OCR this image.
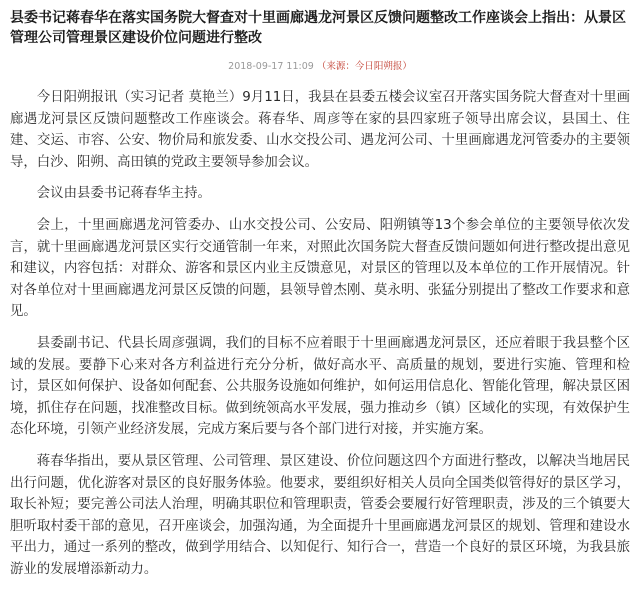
县委书记蒋春华在落实国务院大督查对十里画廊遇龙河景区反馈问题整改工作座谈会上指出：从景区管理公司管理景区建设价位问题进行整改
2018-09-17 11:09 （来源：今日阳朔报）

今日阳朔报讯（实习记者 莫艳兰）9月11日，我县在县委五楼会议室召开落实国务院大督查对十里画廊遇龙河景区反馈问题整改工作座谈会。蒋春华、周彦等在家的县四家班子领导出席会议，县国土、住建、交运、市容、公安、物价局和旅发委、山水交投公司、遇龙河公司、十里画廊遇龙河管委办的主要领导，白沙、阳朔、高田镇的党政主要领导参加会议。

会议由县委书记蒋春华主持。

会上，十里画廊遇龙河管委办、山水交投公司、公安局、阳朔镇等13个参会单位的主要领导依次发言，就十里画廊遇龙河景区实行交通管制一年来，对照此次国务院大督查反馈问题如何进行整改提出意见和建议，内容包括：对群众、游客和景区内业主反馈意见，对景区的管理以及本单位的工作开展情况。针对各单位对十里画廊遇龙河景区反馈的问题，县领导曾杰刚、莫永明、张猛分别提出了整改工作要求和意见。

县委副书记、代县长周彦强调，我们的目标不应着眼于十里画廊遇龙河景区，还应着眼于我县整个区域的发展。要静下心来对各方利益进行充分分析，做好高水平、高质量的规划，要进行实施、管理和检讨，景区如何保护、设备如何配套、公共服务设施如何维护，如何运用信息化、智能化管理，解决景区困境，抓住存在问题，找准整改目标。做到统领高水平发展，强力推动乡（镇）区域化的实现，有效保护生态化环境，引领产业经济发展，完成方案后要与各个部门进行对接，并实施方案。

蒋春华指出，要从景区管理、公司管理、景区建设、价位问题这四个方面进行整改，以解决当地居民出行问题，优化游客对景区的良好服务体验。他要求，要组织好相关人员向全国类似管得好的景区学习，取长补短；要完善公司法人治理，明确其职位和管理职责，管委会要履行好管理职责，涉及的三个镇要大胆听取村委干部的意见，召开座谈会，加强沟通，为全面提升十里画廊遇龙河景区的规划、管理和建设水平出力，通过一系列的整改，做到学用结合、以知促行、知行合一，营造一个良好的景区环境，为我县旅游业的发展增添新动力。
